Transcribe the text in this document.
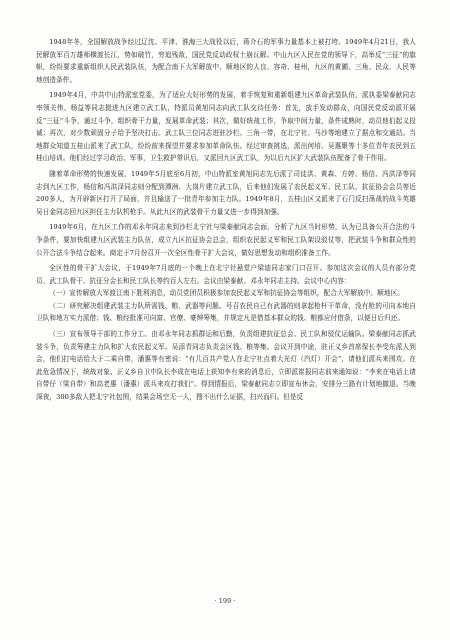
1948年冬，全国解放战争经过辽沈、平津、淮海三大战役以后，蒋介石的军事力量基本上被打垮。1949年4月21日，我人民解放军百万雄师横渡长江，势如破竹，穷追残敌，国民党反动政权土崩瓦解。中山九区人民在党的领导下，高举反“三征”的旗帜，纷纷要求重新组织人民武装队伍，为配合南下大军解放中、顺地区的人良、容奇、桂州，九区的黄圃、三角、民众、人民等地创造条件。

1949年4月，中共中山特派室党委，为了适应大好形势的发展，着手恢复和重新组建九区革命武装队伍，派执委梁泰献同志率领关伟、杨益等同志挺进九区建立武工队，特派员黄旭同志向武工队交待任务：首先，放手发动群众，向国民党反动派开展反“三征”斗争，通过斗争，组织骨干力量，发展革命武装；其次，做好统战工作，争取中间力量，条件成熟时，动员他们起义投诚；再次，对少数顽固分子给予坚决打击。武工队三位同志进驻沙栏、三角一带，在北宁社、马沙等地建立了据点和交通站。当地群众知道五桂山派来了武工队，纷纷前来探望并要求参加革命队伍。经过审查挑选，派出何培、吴惠聚等十多位青年农民到五桂山培训。他们经过学习政治、军事，卫生救护常识后，又派回九区武工队，为以后九区扩大武装队伍配备了骨干作用。

随着革命形势的快速发展，1949年5月底至6月初，中山特派室黄旭同志先后派了司徒洪、黄森、方婷、杨信、冯洪泽等同志到九区工作，杨信和冯洪泽同志则分配到潭洲、大岗片建立武工队，后来他们发展了农民起义军、民工队、抗征协会会员等近200多人，为开辟新区打开了局面，并且输送了一批青年参加主力队。1949年8月，五桂山区又派来了石门反扫荡战的战斗英雄吴日金同志回九区担任主力队机枪手。从此九区的武装骨干力量又进一步得到加强。

1949年6月，在九区工作的邓永年同志来到沙栏北宁社与梁泰献同志会面，分析了九区当时形势，认为已具备公开合法的斗争条件，要加快组建九区武装主力队伍，成立九区抗征协会总会，组织农民起义军和民工队架设驳仗等，把武装斗争和群众性的公开合法斗争结合起来。商定于7月份召开一次全区性骨干扩大会议，做好思想发动和组织准备工作。

全区性的骨干扩大会议，于1949年7月底的一个晚上在北宁社悬堂户梁迪同志家门口召开。参加这次会议的人员有部分党员、武工队骨干、抗征分会长和民工队长等约百人左右。会议由梁泰献、邓永年同志主持。会议中心内容：

（一）宣传解放大军渡江南下胜利消息，动员党团员积极参加农民起义军和抗征协会等组织，配合大军解放中、顺地区。

（二）研究解决组建武装主力队所需钱、粮、武器等问题。号召农民自己有武器的则拿起枪杆干革命，没有枪的可向本地自卫队和地方实力派借；钱、粮经批准可向富、官僚、豪绅筹集，并规定凡是借基本群众的钱、粮都应付借条，以便日后归还。

（三）宣布领导干部的工作分工。由邓永年同志抓群运和后勤，负责组建抗征总会、民工队和驳仗运输队。梁泰献同志抓武装斗争，负责筹建主力队和扩大农民起义军。吴添青同志负责会区钱、粮等集。会议开到中途，驻正义乡首席保长李受东派人到会，他们打电话给大于二乘自带，潘惠等有密说：“有几百共产党人在北宁社点着大光灯（汽灯）开会”，请他们派兵来围攻。在此危急情况下，统战对象、正义乡自卫中队长李成在电话上获知李有来的消息后，立即派崔报同志前来通知说：“李来在电话上请自带仔（梁自带）和高老惠（潘惠）派兵来攻打我们”。得到情报后，梁泰献同志立即宣布休会，安排分三路有计划地撤退。当晚深夜，300多敌人把北宁社包围，结果会场空无一人，搜不出什么证据，扫兴而归。但是反

· 199 ·
